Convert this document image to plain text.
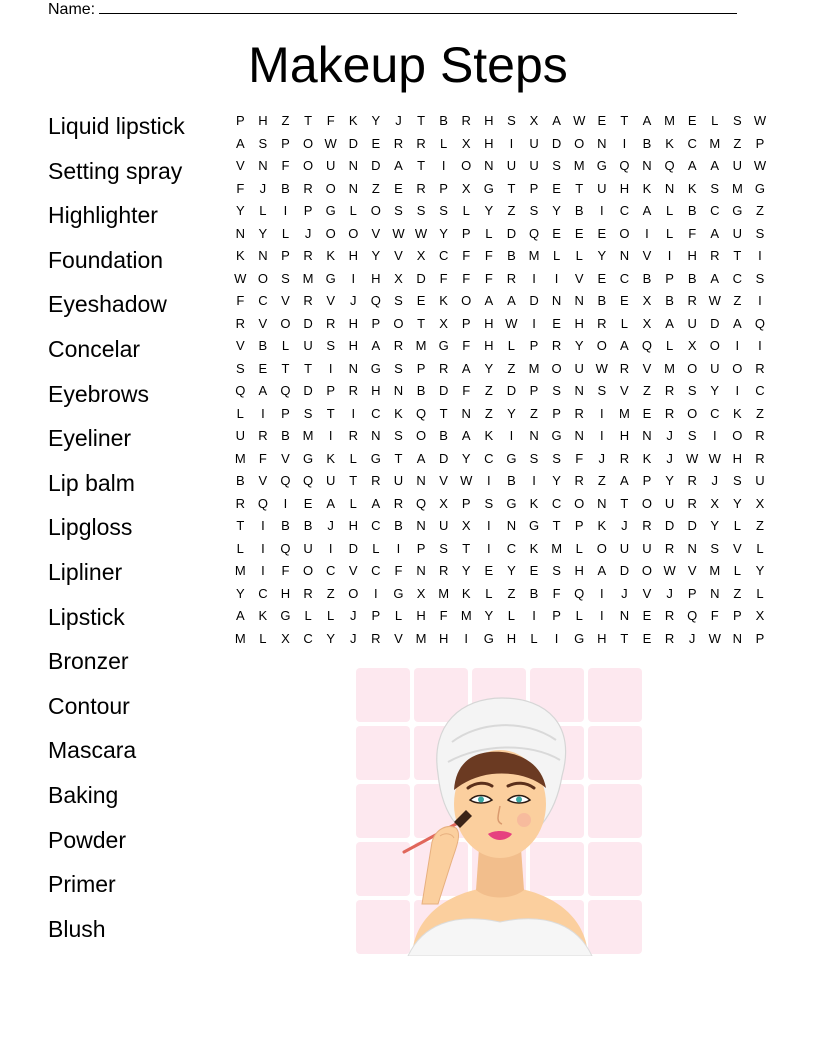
Name:
Makeup Steps
Liquid lipstick
Setting spray
Highlighter
Foundation
Eyeshadow
Concelar
Eyebrows
Eyeliner
Lip balm
Lipgloss
Lipliner
Lipstick
Bronzer
Contour
Mascara
Baking
Powder
Primer
Blush
P H Z T F K Y J T B R H S X A W E T A M E L S W
A S P O W D E R R L X H I U D O N I B K C M Z P
V N F O U N D A T I O N U U S M G Q N Q A A U W
F J B R O N Z E R P X G T P E T U H K N K S M G
Y L I P G L O S S S L Y Z S Y B I C A L B C G Z
N Y L J O O V W W Y P L D Q E E E O I L F A U S
K N P R K H Y V X C F F B M L L Y N V I H R T I
W O S M G I H X D F F F R I I V E C B P B A C S
F C V R V J Q S E K O A A D N N B E X B R W Z I
R V O D R H P O T X P H W I E H R L X A U D A Q
V B L U S H A R M G F H L P R Y O A Q L X O I I
S E T T I N G S P R A Y Z M O U W R V M O U O R
Q A Q D P R H N B D F Z D P S N S V Z R S Y I C
L I P S T I C K Q T N Z Y Z P R I M E R O C K Z
U R B M I R N S O B A K I N G N I H N J S I O R
M F V G K L G T A D Y C G S S F J R K J W W H R
B V Q Q U T R U N V W I B I Y R Z A P Y R J S U
R Q I E A L A R Q X P S G K C O N T O U R X Y X
T I B B J H C B N U X I N G T P K J R D D Y L Z
L I Q U I D L I P S T I C K M L O U U R N S V L
M I F O C V C F N R Y E Y E S H A D O W V M L Y
Y C H R Z O I G X M K L Z B F Q I J V J P N Z L
A K G L L J P L H F M Y L I P L I N E R Q F P X
M L X C Y J R V M H I G H L I G H T E R J W N P
